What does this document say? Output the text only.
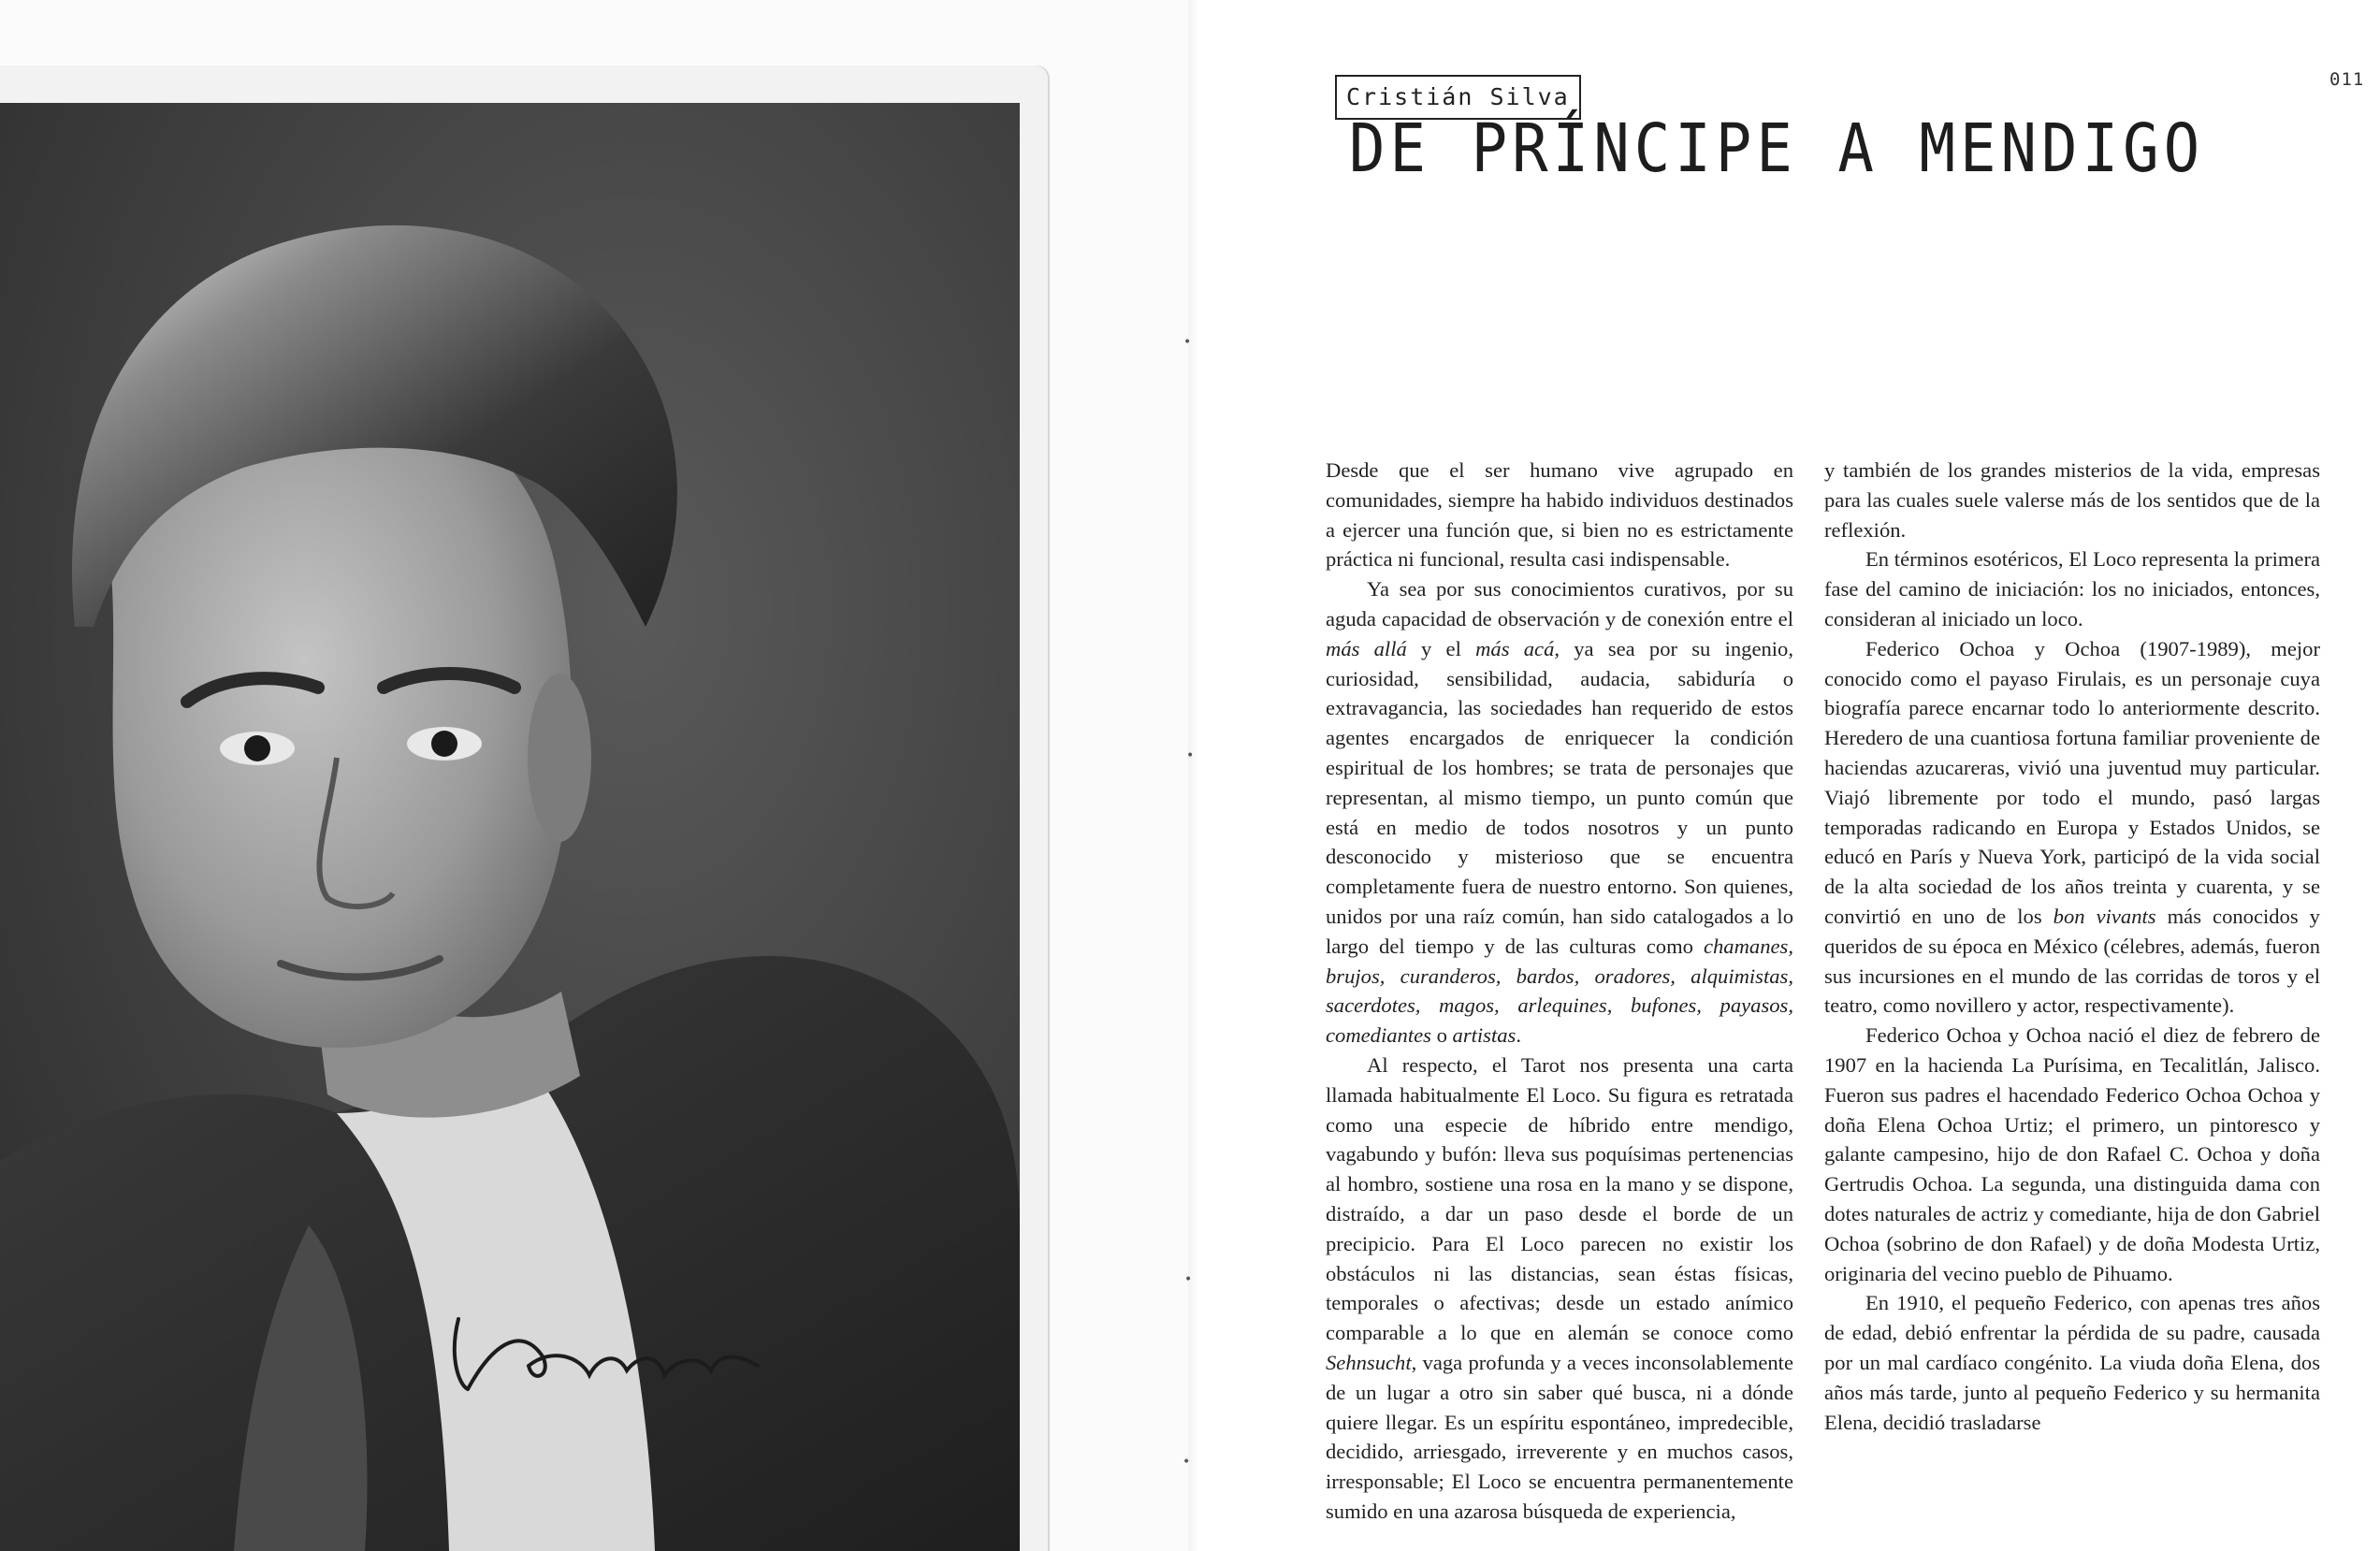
•
•
•
•
011
Cristián Silva
DE PRÍNCIPE A MENDIGO

Desde que el ser humano vive agrupado en comunidades, siempre ha habido individuos destinados a ejercer una función que, si bien no es estrictamente práctica ni funcional, resulta casi indispensable.

Ya sea por sus conocimientos curativos, por su aguda capacidad de observación y de conexión entre el más allá y el más acá, ya sea por su ingenio, curiosidad, sensibilidad, audacia, sabiduría o extravagancia, las sociedades han requerido de estos agentes encargados de enriquecer la condición espiritual de los hombres; se trata de personajes que representan, al mismo tiempo, un punto común que está en medio de todos nosotros y un punto desconocido y misterioso que se encuentra completamente fuera de nuestro entorno. Son quienes, unidos por una raíz común, han sido catalogados a lo largo del tiempo y de las culturas como chamanes, brujos, curanderos, bardos, oradores, alquimistas, sacerdotes, magos, arlequines, bufones, payasos, comediantes o artistas.

Al respecto, el Tarot nos presenta una carta llamada habitualmente El Loco. Su figura es retratada como una especie de híbrido entre mendigo, vagabundo y bufón: lleva sus poquísimas pertenencias al hombro, sostiene una rosa en la mano y se dispone, distraído, a dar un paso desde el borde de un precipicio. Para El Loco parecen no existir los obstáculos ni las distancias, sean éstas físicas, temporales o afectivas; desde un estado anímico comparable a lo que en alemán se conoce como Sehnsucht, vaga profunda y a veces inconsolablemente de un lugar a otro sin saber qué busca, ni a dónde quiere llegar. Es un espíritu espontáneo, impredecible, decidido, arriesgado, irreverente y en muchos casos, irresponsable; El Loco se encuentra permanentemente sumido en una azarosa búsqueda de experiencia,

y también de los grandes misterios de la vida, empresas para las cuales suele valerse más de los sentidos que de la reflexión.

En términos esotéricos, El Loco representa la primera fase del camino de iniciación: los no iniciados, entonces, consideran al iniciado un loco.

Federico Ochoa y Ochoa (1907-1989), mejor conocido como el payaso Firulais, es un personaje cuya biografía parece encarnar todo lo anteriormente descrito. Heredero de una cuantiosa fortuna familiar proveniente de haciendas azucareras, vivió una juventud muy particular. Viajó libremente por todo el mundo, pasó largas temporadas radicando en Europa y Estados Unidos, se educó en París y Nueva York, participó de la vida social de la alta sociedad de los años treinta y cuarenta, y se convirtió en uno de los bon vivants más conocidos y queridos de su época en México (célebres, además, fueron sus incursiones en el mundo de las corridas de toros y el teatro, como novillero y actor, respectivamente).

Federico Ochoa y Ochoa nació el diez de febrero de 1907 en la hacienda La Purísima, en Tecalitlán, Jalisco. Fueron sus padres el hacendado Federico Ochoa Ochoa y doña Elena Ochoa Urtiz; el primero, un pintoresco y galante campesino, hijo de don Rafael C. Ochoa y doña Gertrudis Ochoa. La segunda, una distinguida dama con dotes naturales de actriz y comediante, hija de don Gabriel Ochoa (sobrino de don Rafael) y de doña Modesta Urtiz, originaria del vecino pueblo de Pihuamo.

En 1910, el pequeño Federico, con apenas tres años de edad, debió enfrentar la pérdida de su padre, causada por un mal cardíaco congénito. La viuda doña Elena, dos años más tarde, junto al pequeño Federico y su hermanita Elena, decidió trasladarse
